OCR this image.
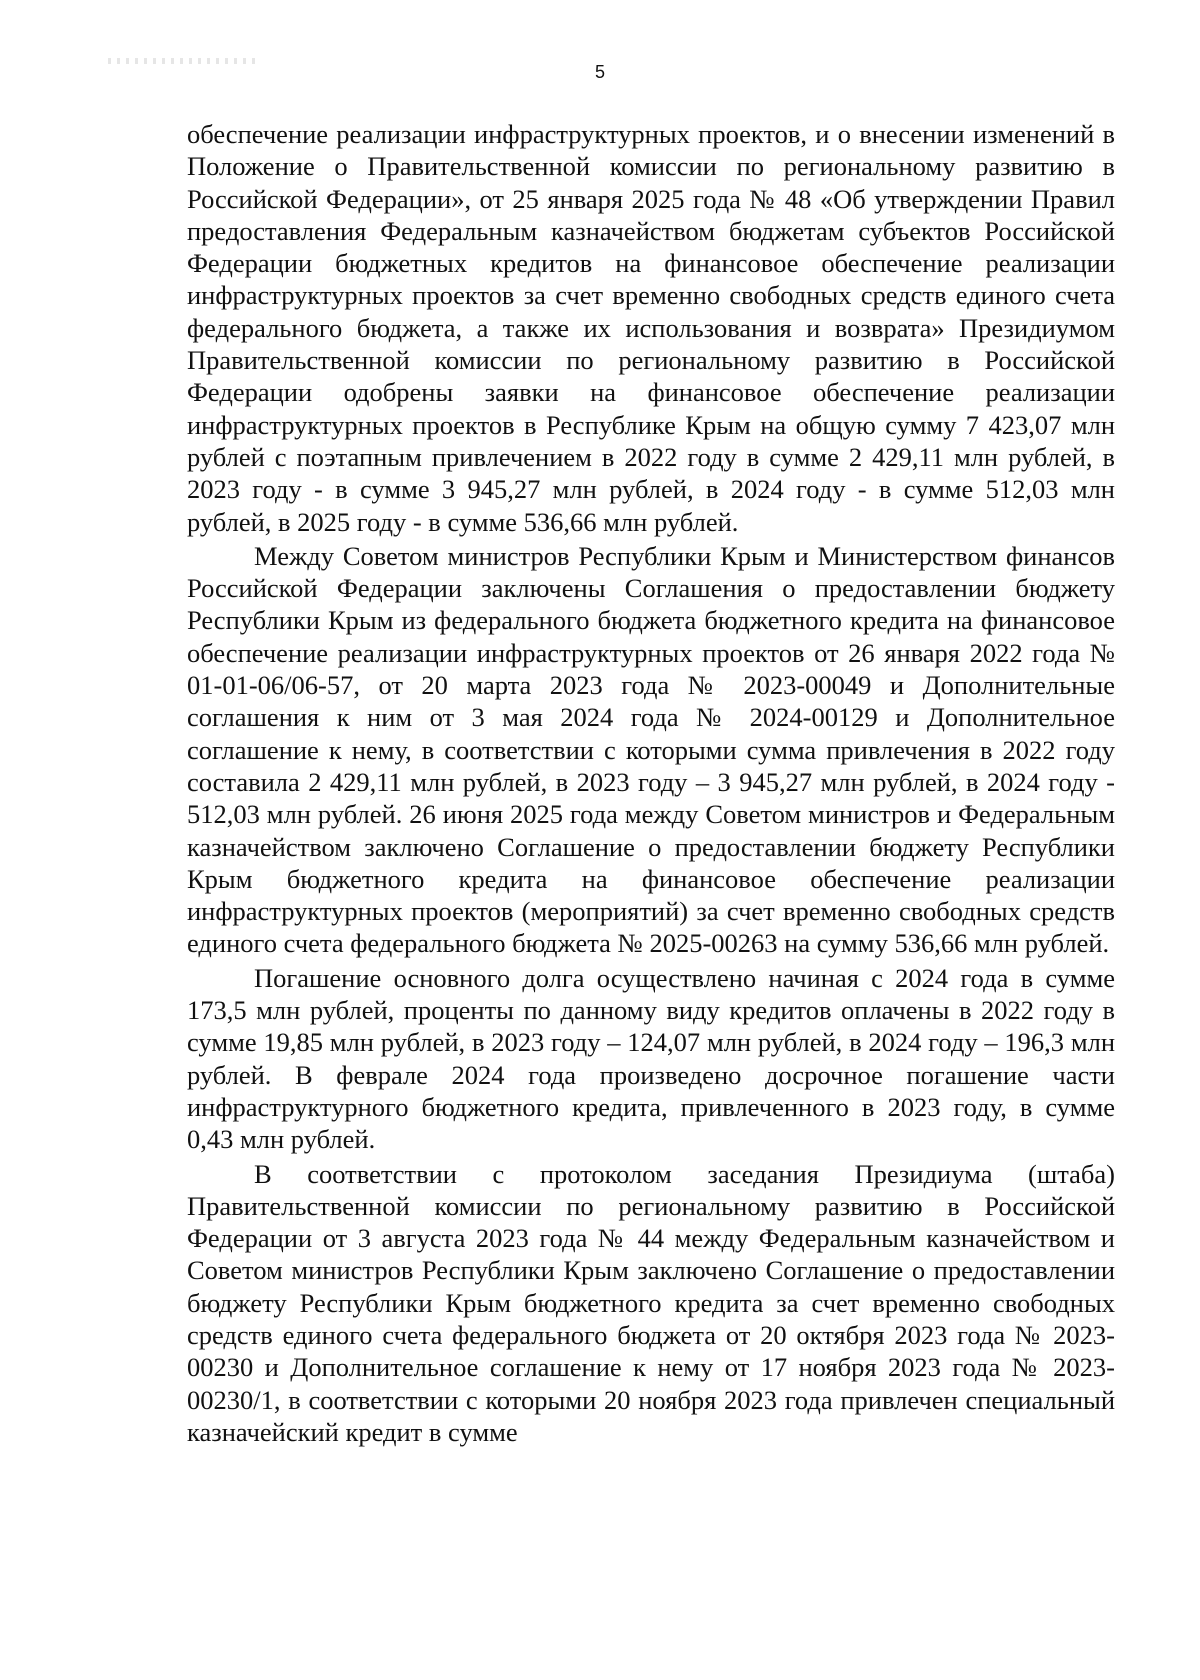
5

обеспечение реализации инфраструктурных проектов, и о внесении изменений в Положение о Правительственной комиссии по региональному развитию в Российской Федерации», от 25 января 2025 года № 48 «Об утверждении Правил предоставления Федеральным казначейством бюджетам субъектов Российской Федерации бюджетных кредитов на финансовое обеспечение реализации инфраструктурных проектов за счет временно свободных средств единого счета федерального бюджета, а также их использования и возврата» Президиумом Правительственной комиссии по региональному развитию в Российской Федерации одобрены заявки на финансовое обеспечение реализации инфраструктурных проектов в Республике Крым на общую сумму 7 423,07 млн рублей с поэтапным привлечением в 2022 году в сумме 2 429,11 млн рублей, в 2023 году - в сумме 3 945,27 млн рублей, в 2024 году - в сумме 512,03 млн рублей, в 2025 году - в сумме 536,66 млн рублей.

Между Советом министров Республики Крым и Министерством финансов Российской Федерации заключены Соглашения о предоставлении бюджету Республики Крым из федерального бюджета бюджетного кредита на финансовое обеспечение реализации инфраструктурных проектов от 26 января 2022 года № 01-01-06/06-57, от 20 марта 2023 года № 2023-00049 и Дополнительные соглашения к ним от 3 мая 2024 года № 2024-00129 и Дополнительное соглашение к нему, в соответствии с которыми сумма привлечения в 2022 году составила 2 429,11 млн рублей, в 2023 году – 3 945,27 млн рублей, в 2024 году - 512,03 млн рублей. 26 июня 2025 года между Советом министров и Федеральным казначейством заключено Соглашение о предоставлении бюджету Республики Крым бюджетного кредита на финансовое обеспечение реализации инфраструктурных проектов (мероприятий) за счет временно свободных средств единого счета федерального бюджета № 2025-00263 на сумму 536,66 млн рублей.

Погашение основного долга осуществлено начиная с 2024 года в сумме 173,5 млн рублей, проценты по данному виду кредитов оплачены в 2022 году в сумме 19,85 млн рублей, в 2023 году – 124,07 млн рублей, в 2024 году – 196,3 млн рублей. В феврале 2024 года произведено досрочное погашение части инфраструктурного бюджетного кредита, привлеченного в 2023 году, в сумме 0,43 млн рублей.

В соответствии с протоколом заседания Президиума (штаба) Правительственной комиссии по региональному развитию в Российской Федерации от 3 августа 2023 года № 44 между Федеральным казначейством и Советом министров Республики Крым заключено Соглашение о предоставлении бюджету Республики Крым бюджетного кредита за счет временно свободных средств единого счета федерального бюджета от 20 октября 2023 года № 2023-00230 и Дополнительное соглашение к нему от 17 ноября 2023 года № 2023-00230/1, в соответствии с которыми 20 ноября 2023 года привлечен специальный казначейский кредит в сумме
